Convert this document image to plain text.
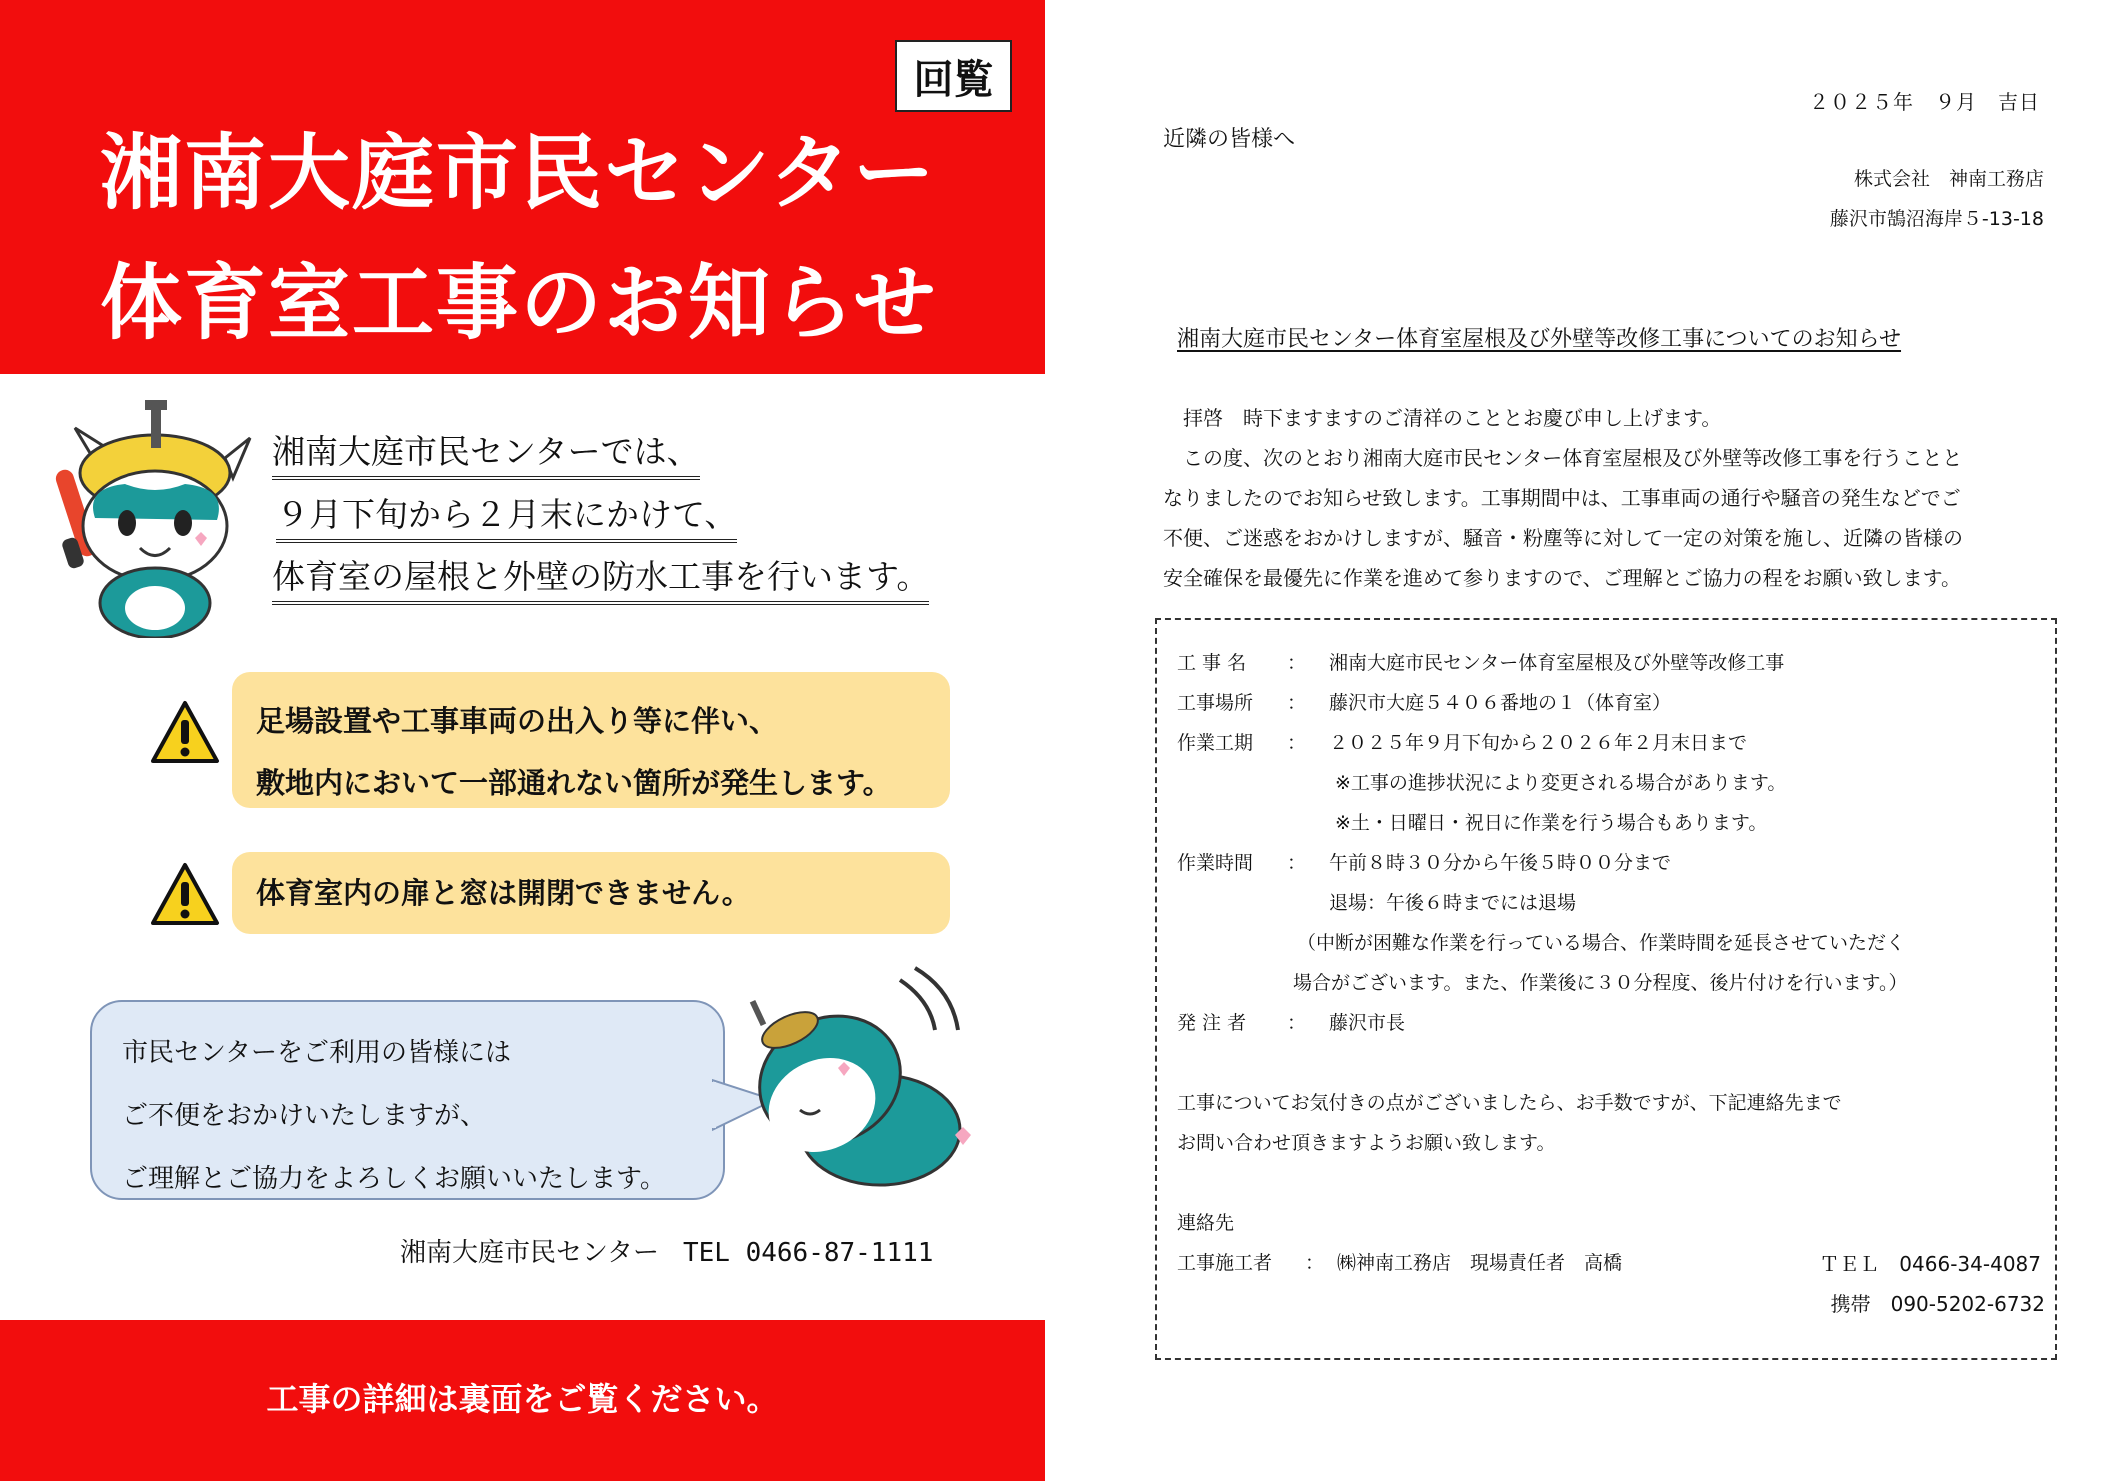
回覧
湘南大庭市民センター
体育室工事のお知らせ
湘南大庭市民センターでは、
９月下旬から２月末にかけて、
体育室の屋根と外壁の防水工事を行います。
足場設置や工事車両の出入り等に伴い、
敷地内において一部通れない箇所が発生します。
体育室内の扉と窓は開閉できません。
市民センターをご利用の皆様には
ご不便をおかけいたしますが、
ご理解とご協力をよろしくお願いいたします。
湘南大庭市民センター TEL 0466-87-1111
工事の詳細は裏面をご覧ください。
２０２５年　９月　吉日
近隣の皆様へ
株式会社　神南工務店
藤沢市鵠沼海岸５-13-18
湘南大庭市民センター体育室屋根及び外壁等改修工事についてのお知らせ

　拝啓　時下ますますのご清祥のこととお慶び申し上げます。

　この度、次のとおり湘南大庭市民センター体育室屋根及び外壁等改修工事を行うことと

なりましたのでお知らせ致します。工事期間中は、工事車両の通行や騒音の発生などでご

不便、ご迷惑をおかけしますが、騒音・粉塵等に対して一定の対策を施し、近隣の皆様の

安全確保を最優先に作業を進めて参りますので、ご理解とご協力の程をお願い致します。

工 事 名	： 湘南大庭市民センター体育室屋根及び外壁等改修工事
工事場所	： 藤沢市大庭５４０６番地の１（体育室）
作業工期	： ２０２５年９月下旬から２０２６年２月末日まで
※工事の進捗状況により変更される場合があります。
※土・日曜日・祝日に作業を行う場合もあります。
作業時間	： 午前８時３０分から午後５時００分まで
退場：午後６時までには退場
（中断が困難な作業を行っている場合、作業時間を延長させていただく
場合がございます。また、作業後に３０分程度、後片付けを行います。）
発 注 者	： 藤沢市長
工事についてお気付きの点がございましたら、お手数ですが、下記連絡先まで
お問い合わせ頂きますようお願い致します。
連絡先
工事施工者	： ㈱神南工務店　現場責任者　高橋	ＴＥＬ　0466-34-4087
携帯　090-5202-6732
